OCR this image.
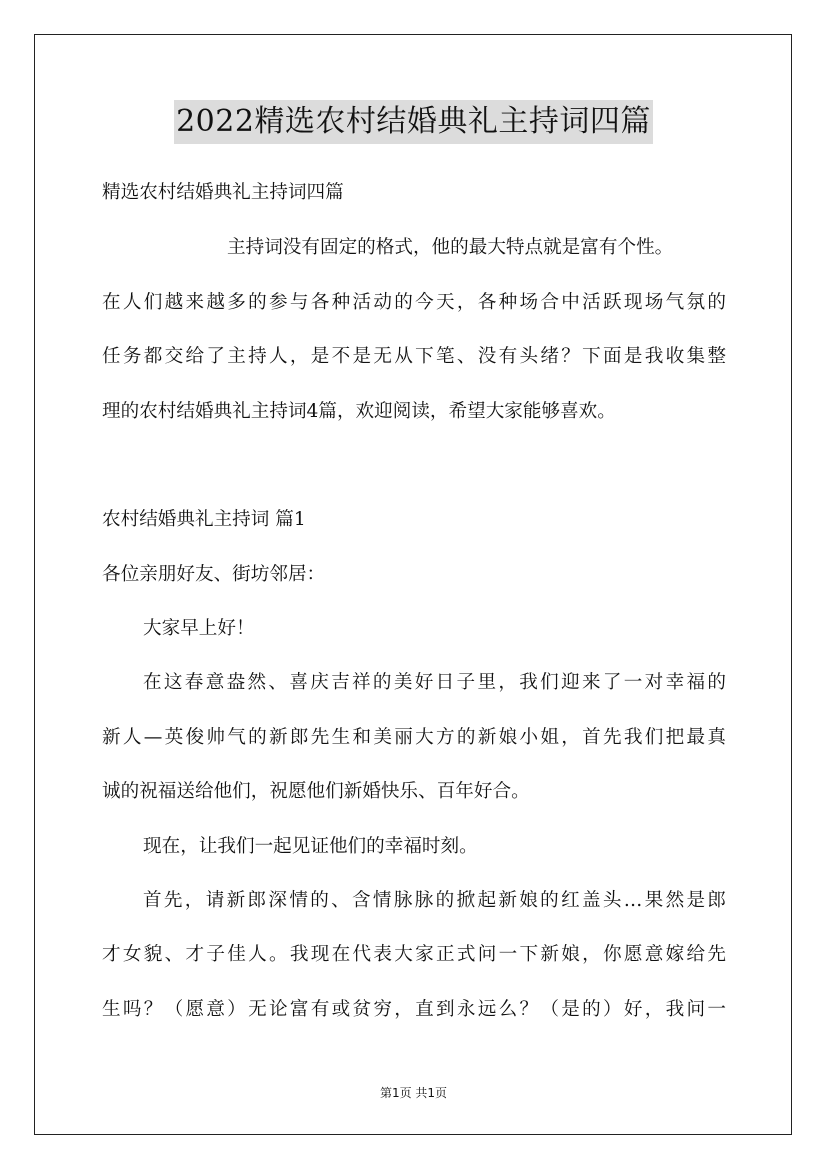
2022精选农村结婚典礼主持词四篇
精选农村结婚典礼主持词四篇
主持词没有固定的格式，他的最大特点就是富有个性。
在人们越来越多的参与各种活动的今天，各种场合中活跃现场气氛的
任务都交给了主持人，是不是无从下笔、没有头绪？下面是我收集整
理的农村结婚典礼主持词4篇，欢迎阅读，希望大家能够喜欢。
农村结婚典礼主持词 篇1
各位亲朋好友、街坊邻居：
大家早上好！
在这春意盎然、喜庆吉祥的美好日子里，我们迎来了一对幸福的
新人—英俊帅气的新郎先生和美丽大方的新娘小姐，首先我们把最真
诚的祝福送给他们，祝愿他们新婚快乐、百年好合。
现在，让我们一起见证他们的幸福时刻。
首先，请新郎深情的、含情脉脉的掀起新娘的红盖头…果然是郎
才女貌、才子佳人。我现在代表大家正式问一下新娘，你愿意嫁给先
生吗？（愿意）无论富有或贫穷，直到永远么？（是的）好，我问一
第1页 共1页
